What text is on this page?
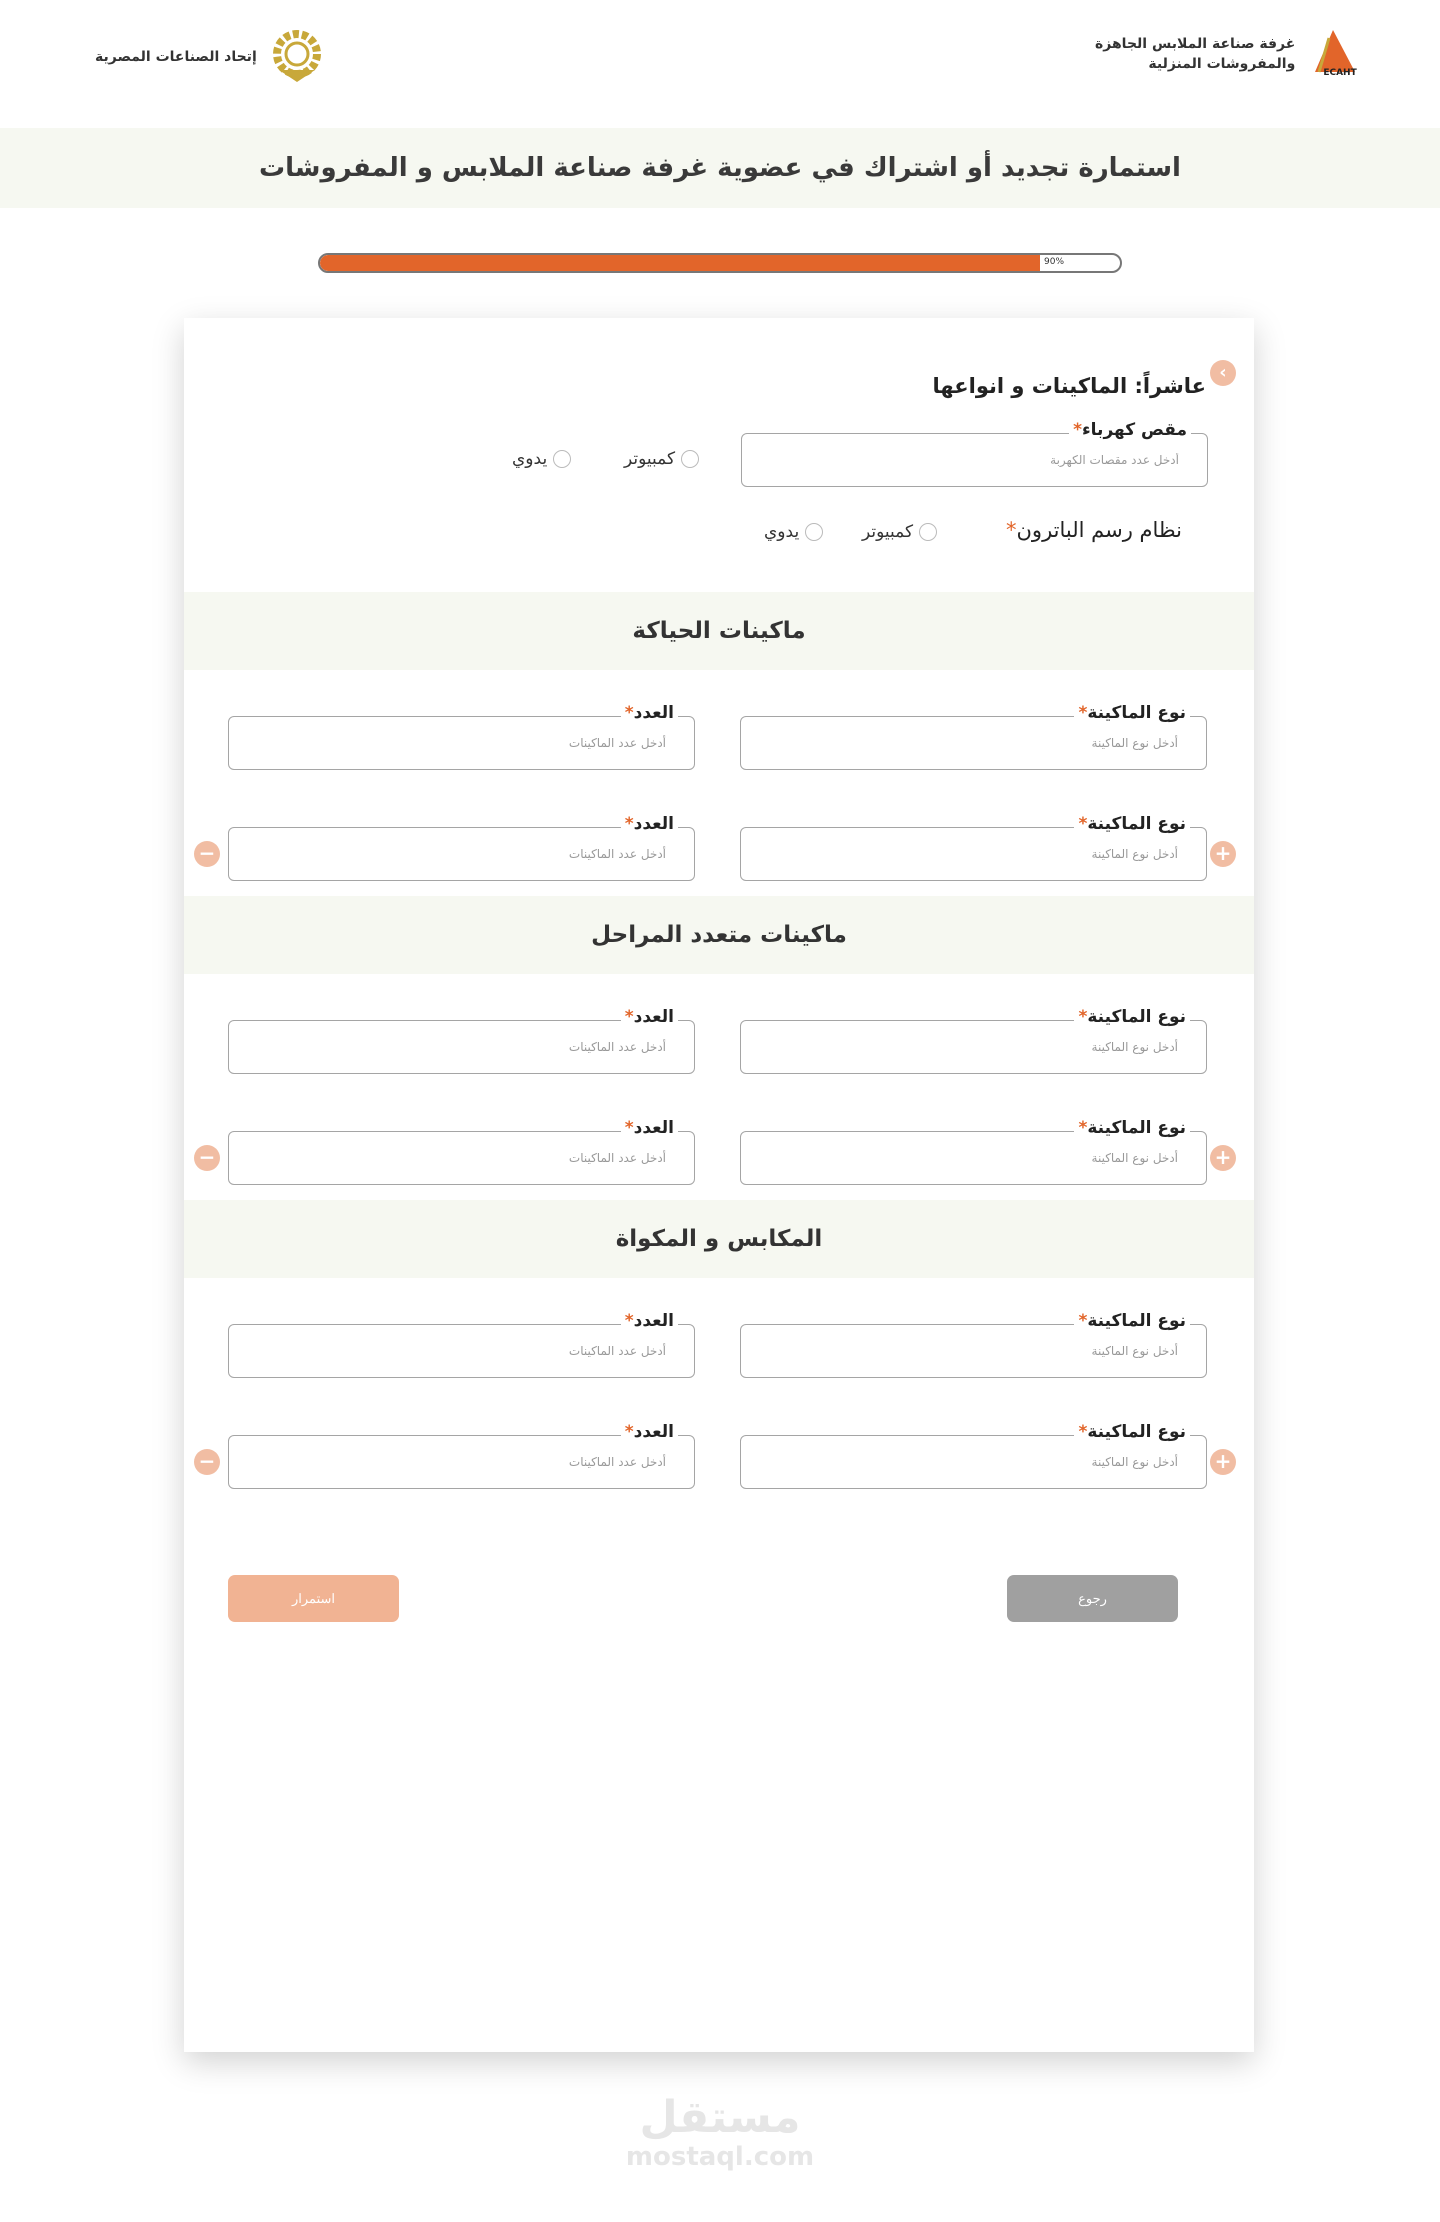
إتحاد الصناعات المصرية
غرفة صناعة الملابس الجاهزة
والمفروشات المنزلية
ECAHT
استمارة تجديد أو اشتراك في عضوية غرفة صناعة الملابس و المفروشات
90%
‹
عاشراً: الماكينات و انواعها
مقص كهرباء*
أدخل عدد مقصات الكهربة
كمبيوتر
يدوي
نظام رسم الباترون*
كمبيوتر
يدوي
ماكينات الحياكة
نوع الماكينة*
أدخل نوع الماكينة
العدد*
أدخل عدد الماكينات
نوع الماكينة*
أدخل نوع الماكينة
العدد*
أدخل عدد الماكينات	+
−
ماكينات متعدد المراحل
نوع الماكينة*
أدخل نوع الماكينة
العدد*
أدخل عدد الماكينات
نوع الماكينة*
أدخل نوع الماكينة
العدد*
أدخل عدد الماكينات	+
−
المكابس و المكواة
نوع الماكينة*
أدخل نوع الماكينة
العدد*
أدخل عدد الماكينات
نوع الماكينة*
أدخل نوع الماكينة
العدد*
أدخل عدد الماكينات	+
−
استمرار	رجوع
مستقل
mostaql.com
